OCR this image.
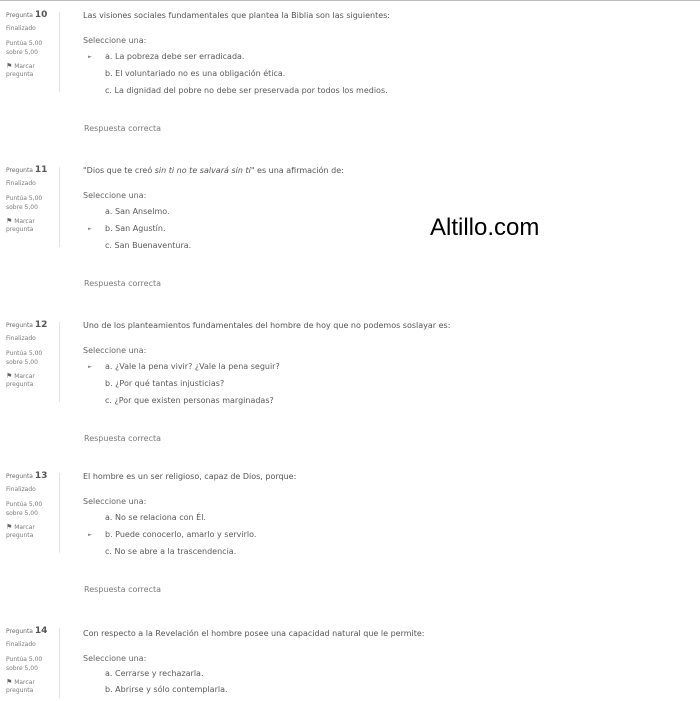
Pregunta 10
Finalizado
Puntúa 5,00
sobre 5,00
⚑ Marcar
pregunta
Las visiones sociales fundamentales que plantea la Biblia son las siguientes:
Seleccione una:
► a. La pobreza debe ser erradicada.
b. El voluntariado no es una obligación ética.
c. La dignidad del pobre no debe ser preservada por todos los medios.
Respuesta correcta
Pregunta 11
Finalizado
Puntúa 5,00
sobre 5,00
⚑ Marcar
pregunta
"Dios que te creó sin ti no te salvará sin ti" es una afirmación de:
Seleccione una:
a. San Anselmo.
► b. San Agustín.
c. San Buenaventura.
Respuesta correcta
Pregunta 12
Finalizado
Puntúa 5,00
sobre 5,00
⚑ Marcar
pregunta
Uno de los planteamientos fundamentales del hombre de hoy que no podemos soslayar es:
Seleccione una:
► a. ¿Vale la pena vivir? ¿Vale la pena seguir?
b. ¿Por qué tantas injusticias?
c. ¿Por que existen personas marginadas?
Respuesta correcta
Pregunta 13
Finalizado
Puntúa 5,00
sobre 5,00
⚑ Marcar
pregunta
El hombre es un ser religioso, capaz de Dios, porque:
Seleccione una:
a. No se relaciona con Él.
► b. Puede conocerlo, amarlo y servirlo.
c. No se abre a la trascendencia.
Respuesta correcta
Pregunta 14
Finalizado
Puntúa 5,00
sobre 5,00
⚑ Marcar
pregunta
Con respecto a la Revelación el hombre posee una capacidad natural que le permite:
Seleccione una:
a. Cerrarse y rechazarla.
b. Abrirse y sólo contemplarla.
Altillo.com
